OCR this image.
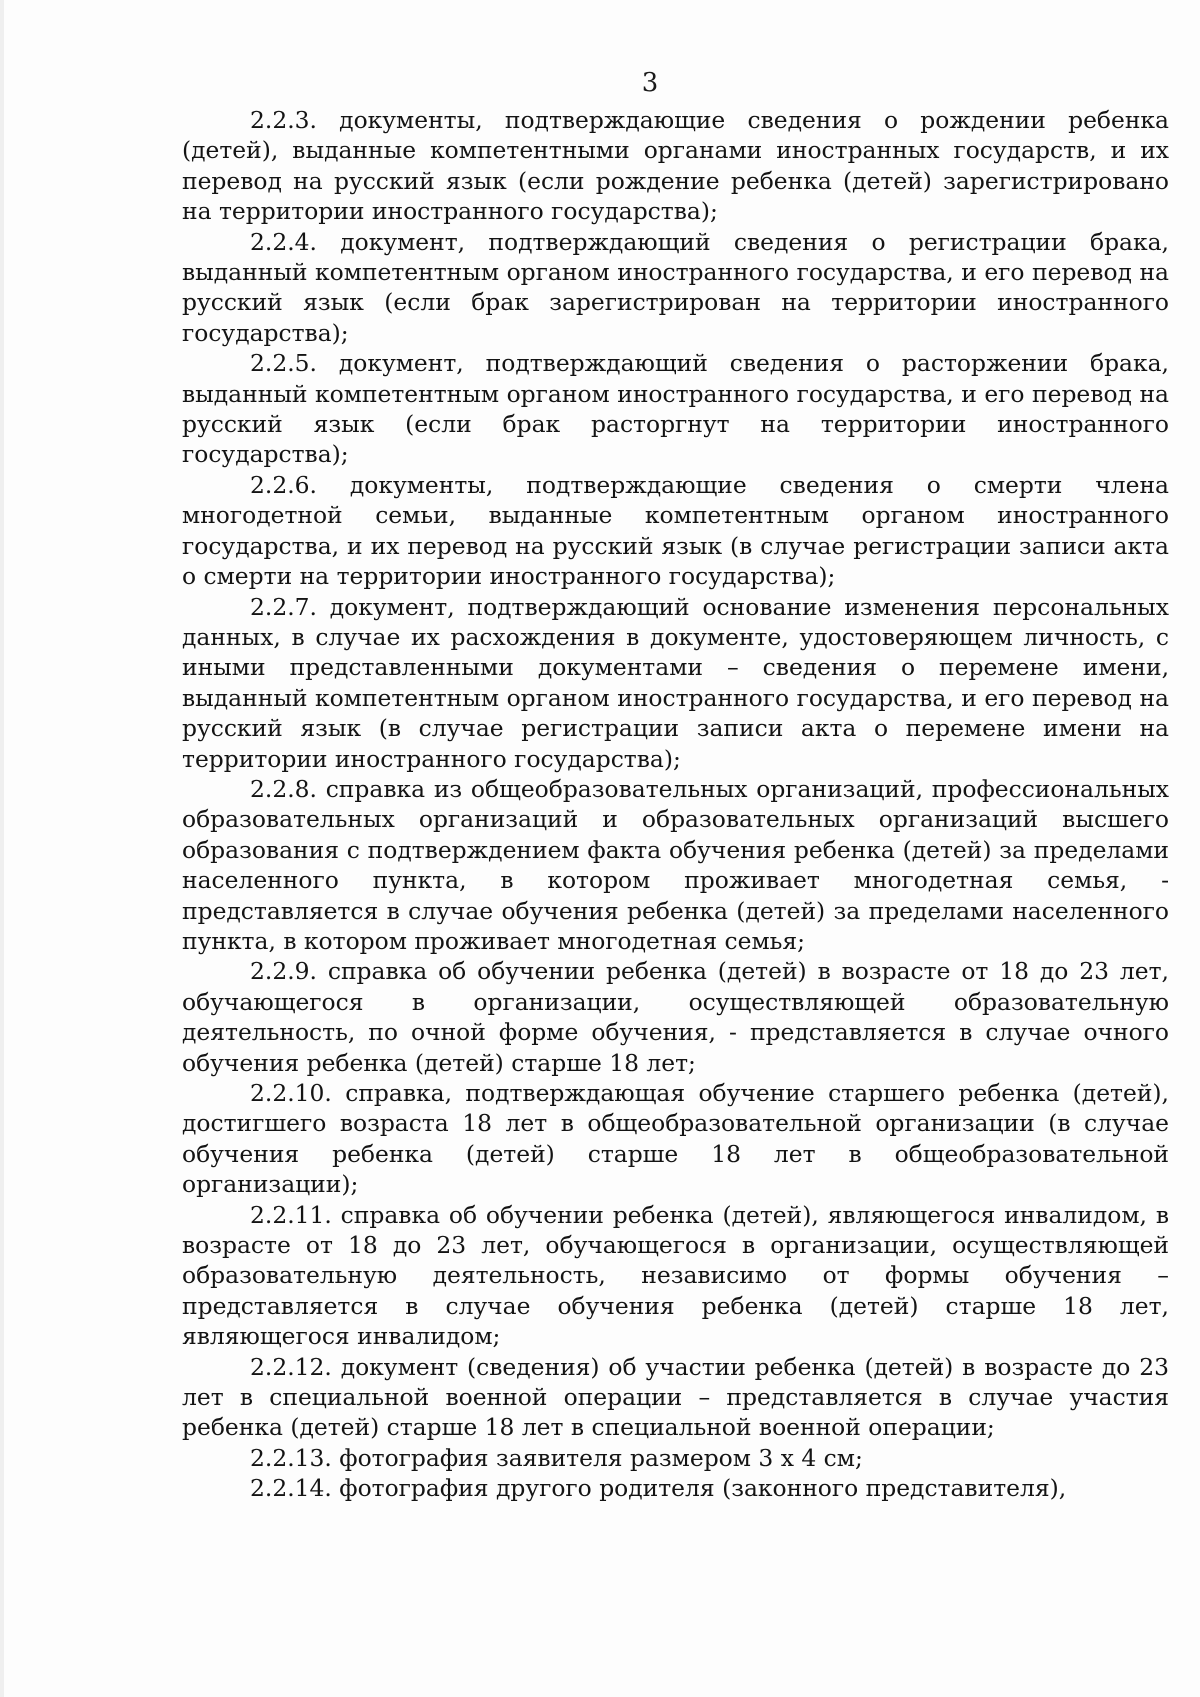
3

2.2.3. документы, подтверждающие сведения о рождении ребенка (детей), выданные компетентными органами иностранных государств, и их перевод на русский язык (если рождение ребенка (детей) зарегистрировано на территории иностранного государства);

2.2.4. документ, подтверждающий сведения о регистрации брака, выданный компетентным органом иностранного государства, и его перевод на русский язык (если брак зарегистрирован на территории иностранного государства);

2.2.5. документ, подтверждающий сведения о расторжении брака, выданный компетентным органом иностранного государства, и его перевод на русский язык (если брак расторгнут на территории иностранного государства);

2.2.6. документы, подтверждающие сведения о смерти члена многодетной семьи, выданные компетентным органом иностранного государства, и их перевод на русский язык (в случае регистрации записи акта о смерти на территории иностранного государства);

2.2.7. документ, подтверждающий основание изменения персональных данных, в случае их расхождения в документе, удостоверяющем личность, с иными представленными документами – сведения о перемене имени, выданный компетентным органом иностранного государства, и его перевод на русский язык (в случае регистрации записи акта о перемене имени на территории иностранного государства);

2.2.8. справка из общеобразовательных организаций, профессиональных образовательных организаций и образовательных организаций высшего образования с подтверждением факта обучения ребенка (детей) за пределами населенного пункта, в котором проживает многодетная семья, - представляется в случае обучения ребенка (детей) за пределами населенного пункта, в котором проживает многодетная семья;

2.2.9. справка об обучении ребенка (детей) в возрасте от 18 до 23 лет, обучающегося в организации, осуществляющей образовательную деятельность, по очной форме обучения, - представляется в случае очного обучения ребенка (детей) старше 18 лет;

2.2.10. справка, подтверждающая обучение старшего ребенка (детей), достигшего возраста 18 лет в общеобразовательной организации (в случае обучения ребенка (детей) старше 18 лет в общеобразовательной организации);

2.2.11. справка об обучении ребенка (детей), являющегося инвалидом, в возрасте от 18 до 23 лет, обучающегося в организации, осуществляющей образовательную деятельность, независимо от формы обучения – представляется в случае обучения ребенка (детей) старше 18 лет, являющегося инвалидом;

2.2.12. документ (сведения) об участии ребенка (детей) в возрасте до 23 лет в специальной военной операции – представляется в случае участия ребенка (детей) старше 18 лет в специальной военной операции;

2.2.13. фотография заявителя размером 3 х 4 см;

2.2.14. фотография другого родителя (законного представителя),
